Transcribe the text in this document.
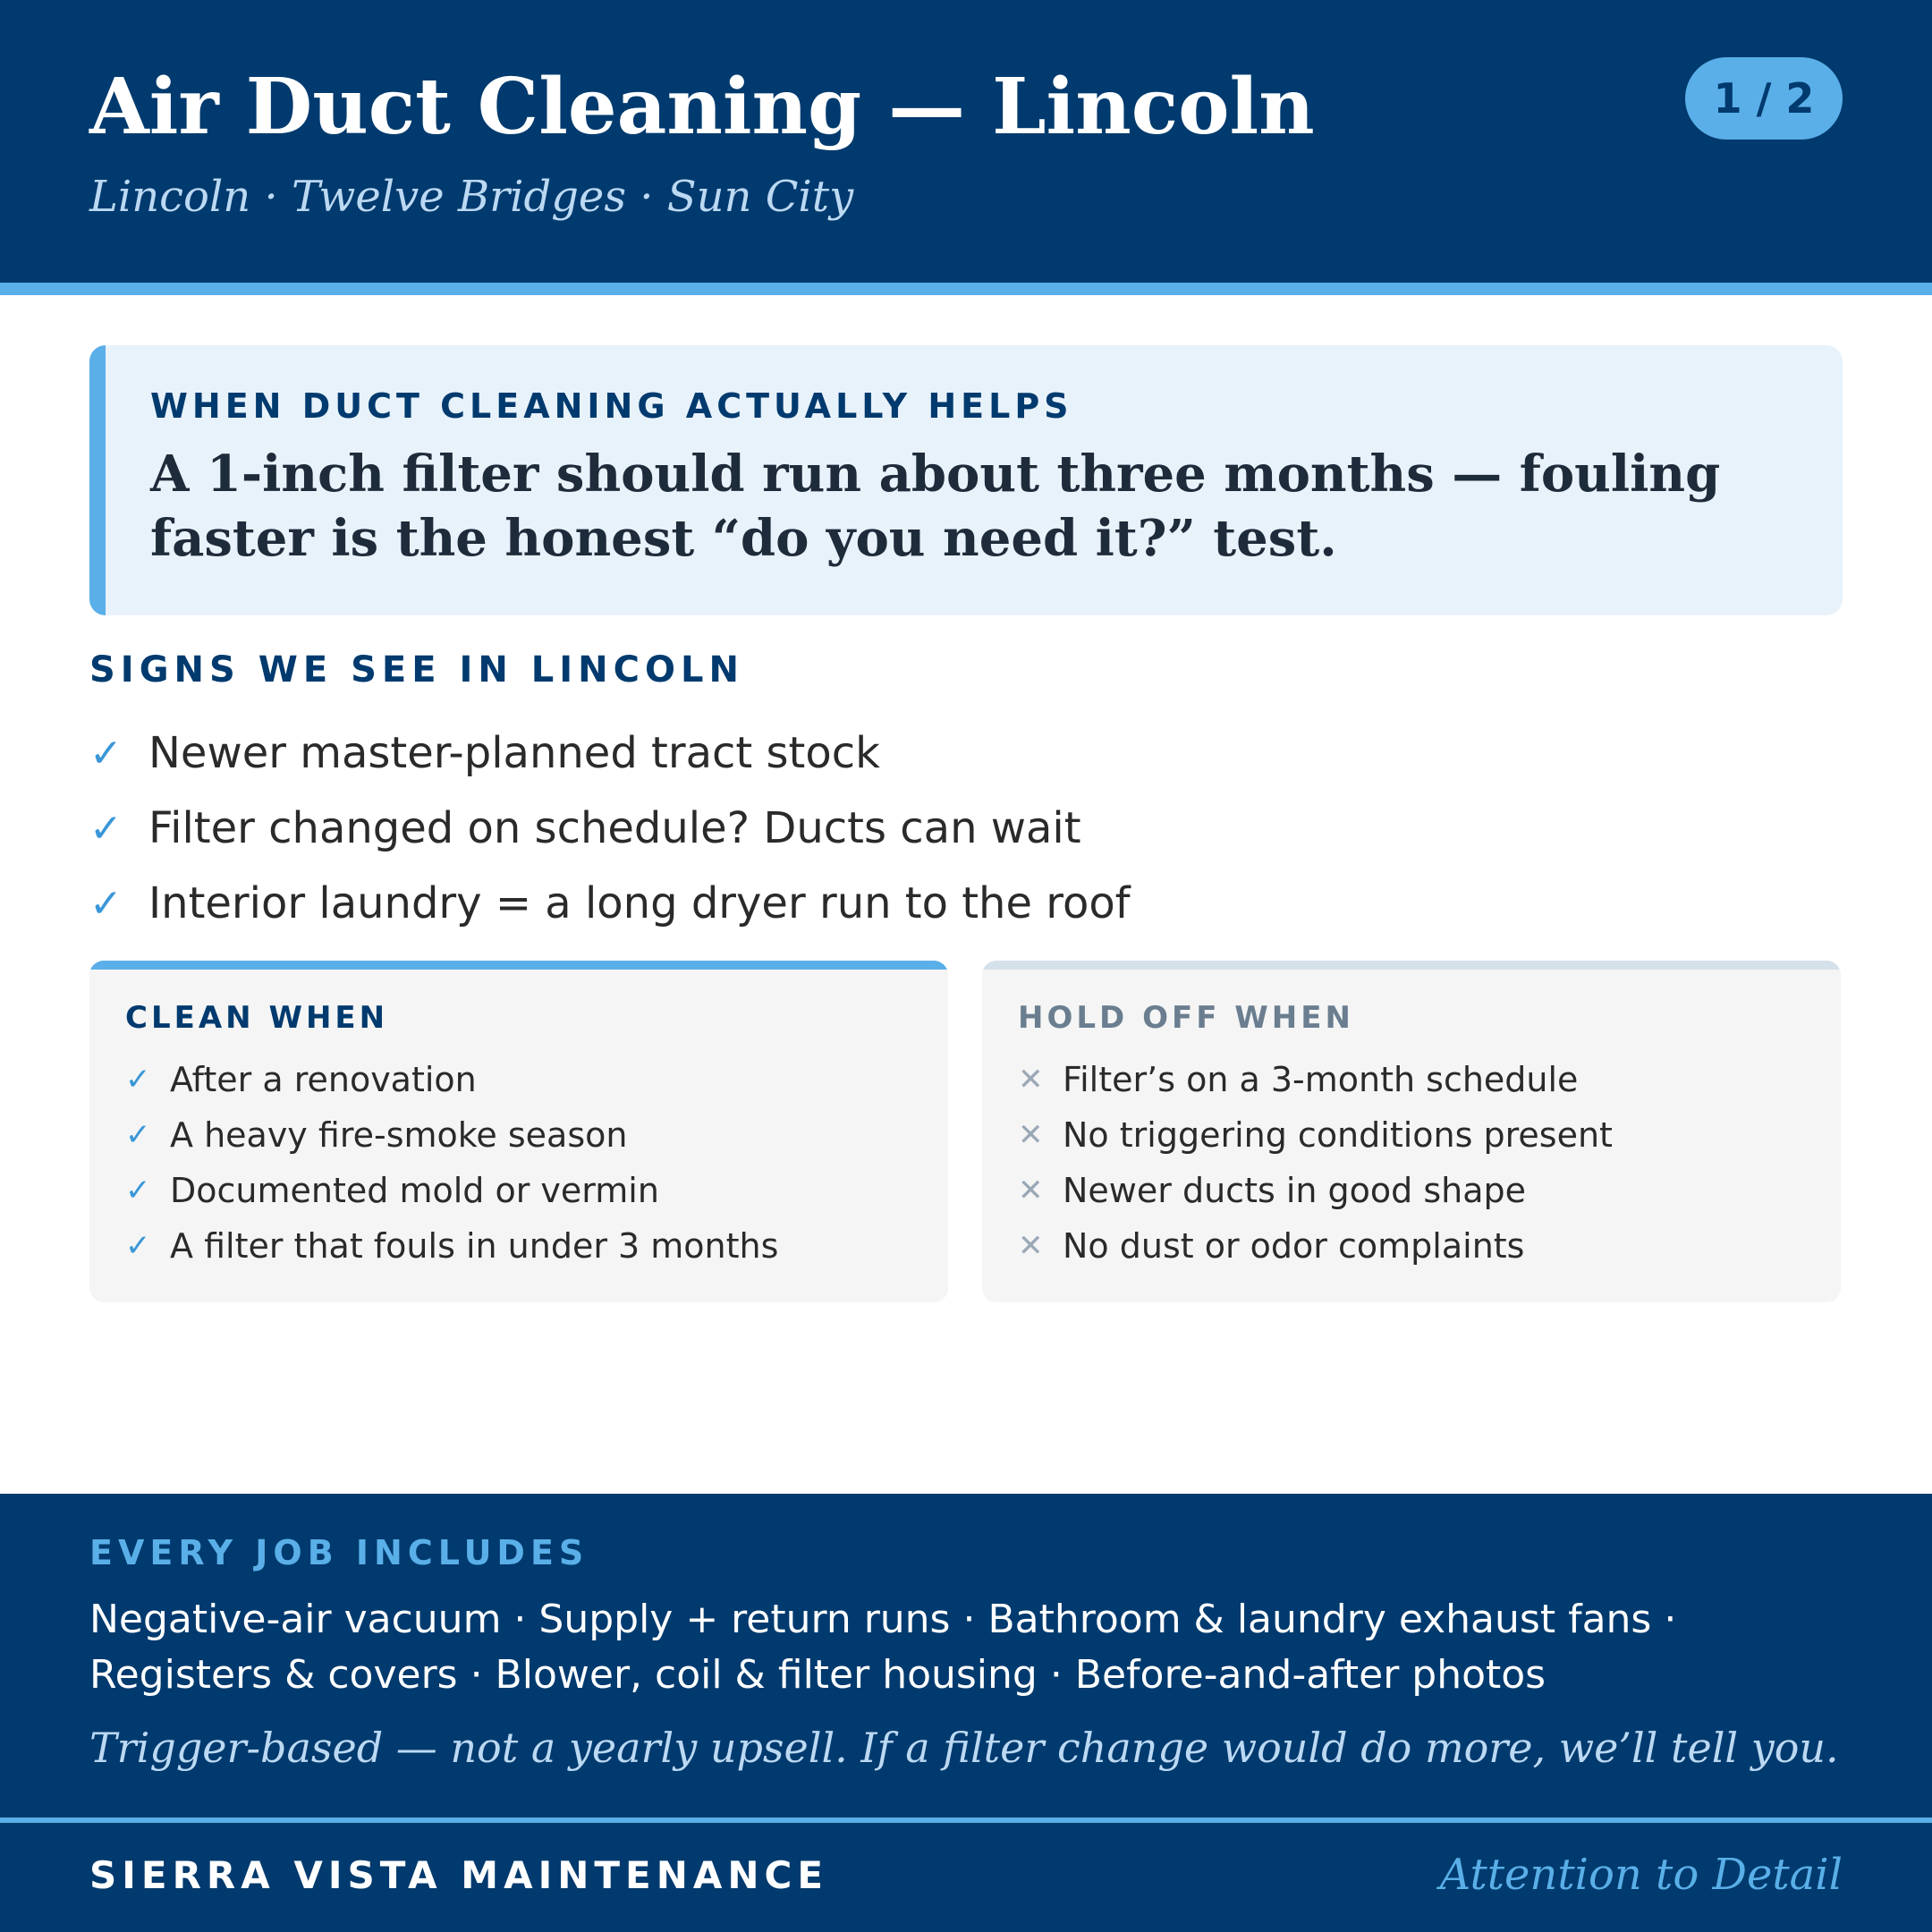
Air Duct Cleaning — Lincoln
Lincoln · Twelve Bridges · Sun City
1 / 2
WHEN DUCT CLEANING ACTUALLY HELPS
A 1-inch filter should run about three months — fouling faster is the honest “do you need it?” test.
SIGNS WE SEE IN LINCOLN
✓ Newer master-planned tract stock
✓ Filter changed on schedule? Ducts can wait
✓ Interior laundry = a long dryer run to the roof
CLEAN WHEN
✓ After a renovation
✓ A heavy fire-smoke season
✓ Documented mold or vermin
✓ A filter that fouls in under 3 months
HOLD OFF WHEN
✕ Filter’s on a 3-month schedule
✕ No triggering conditions present
✕ Newer ducts in good shape
✕ No dust or odor complaints
EVERY JOB INCLUDES
Negative-air vacuum · Supply + return runs · Bathroom & laundry exhaust fans · Registers & covers · Blower, coil & filter housing · Before-and-after photos
Trigger-based — not a yearly upsell. If a filter change would do more, we’ll tell you.
SIERRA VISTA MAINTENANCE	Attention to Detail
